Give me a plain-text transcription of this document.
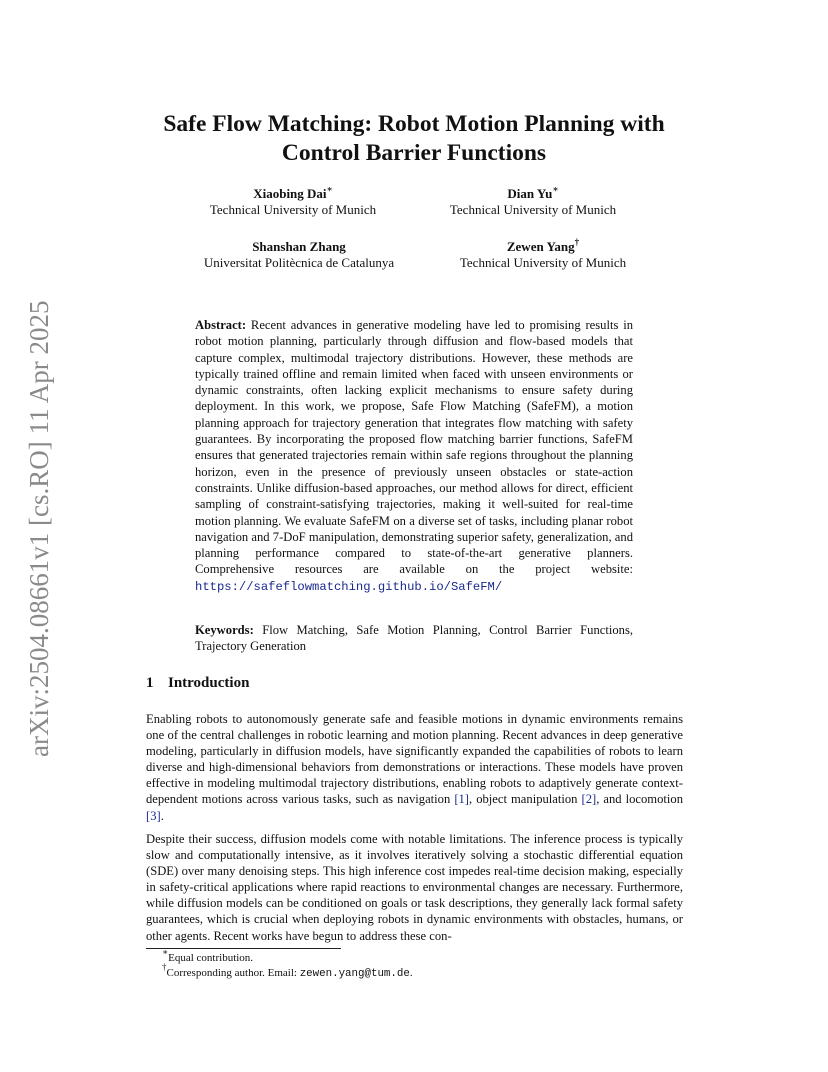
arXiv:2504.08661v1 [cs.RO] 11 Apr 2025
Safe Flow Matching: Robot Motion Planning with
Control Barrier Functions
Xiaobing Dai∗
Technical University of Munich
Dian Yu∗
Technical University of Munich
Shanshan Zhang
Universitat Politècnica de Catalunya
Zewen Yang†
Technical University of Munich
Abstract: Recent advances in generative modeling have led to promising results in robot motion planning, particularly through diffusion and flow-based models that capture complex, multimodal trajectory distributions. However, these methods are typically trained offline and remain limited when faced with unseen environments or dynamic constraints, often lacking explicit mechanisms to ensure safety during deployment. In this work, we propose, Safe Flow Matching (SafeFM), a motion planning approach for trajectory generation that integrates flow matching with safety guarantees. By incorporating the proposed flow matching barrier functions, SafeFM ensures that generated trajectories remain within safe regions throughout the planning horizon, even in the presence of previously unseen obstacles or state-action constraints. Unlike diffusion-based approaches, our method allows for direct, efficient sampling of constraint-satisfying trajectories, making it well-suited for real-time motion planning. We evaluate SafeFM on a diverse set of tasks, including planar robot navigation and 7-DoF manipulation, demonstrating superior safety, generalization, and planning performance compared to state-of-the-art generative planners. Comprehensive resources are available on the project website: https://safeflowmatching.github.io/SafeFM/
Keywords: Flow Matching, Safe Motion Planning, Control Barrier Functions, Trajectory Generation
1 Introduction
Enabling robots to autonomously generate safe and feasible motions in dynamic environments remains one of the central challenges in robotic learning and motion planning. Recent advances in deep generative modeling, particularly in diffusion models, have significantly expanded the capabilities of robots to learn diverse and high-dimensional behaviors from demonstrations or interactions. These models have proven effective in modeling multimodal trajectory distributions, enabling robots to adaptively generate context-dependent motions across various tasks, such as navigation [1], object manipulation [2], and locomotion [3].
Despite their success, diffusion models come with notable limitations. The inference process is typically slow and computationally intensive, as it involves iteratively solving a stochastic differential equation (SDE) over many denoising steps. This high inference cost impedes real-time decision making, especially in safety-critical applications where rapid reactions to environmental changes are necessary. Furthermore, while diffusion models can be conditioned on goals or task descriptions, they generally lack formal safety guarantees, which is crucial when deploying robots in dynamic environments with obstacles, humans, or other agents. Recent works have begun to address these con-
∗Equal contribution.
†Corresponding author. Email: zewen.yang@tum.de.
